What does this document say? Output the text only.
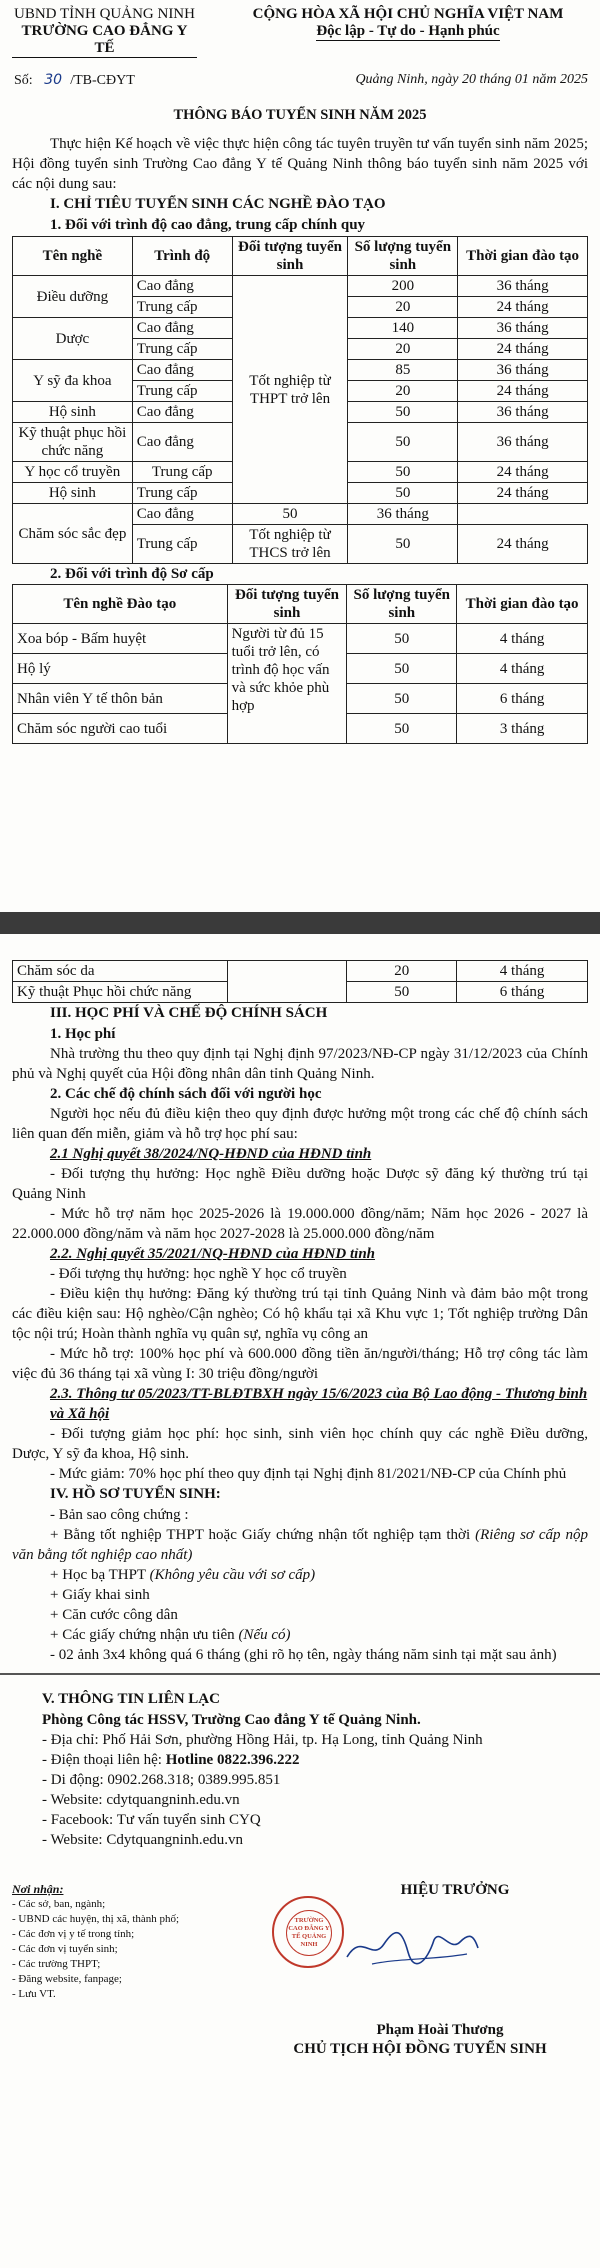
UBND TỈNH QUẢNG NINH
TRƯỜNG CAO ĐẲNG Y TẾ
CỘNG HÒA XÃ HỘI CHỦ NGHĨA VIỆT NAM
Độc lập - Tự do - Hạnh phúc
Số: 30 /TB-CĐYT	Quảng Ninh, ngày 20 tháng 01 năm 2025
THÔNG BÁO TUYỂN SINH NĂM 2025

Thực hiện Kế hoạch về việc thực hiện công tác tuyên truyền tư vấn tuyển sinh năm 2025; Hội đồng tuyển sinh Trường Cao đẳng Y tế Quảng Ninh thông báo tuyển sinh năm 2025 với các nội dung sau:

I. CHỈ TIÊU TUYỂN SINH CÁC NGHỀ ĐÀO TẠO
1. Đối với trình độ cao đẳng, trung cấp chính quy
Tên nghề	Trình độ	Đối tượng tuyển sinh	Số lượng tuyển sinh	Thời gian đào tạo
Điều dưỡng	Cao đẳng	Tốt nghiệp từ THPT trở lên	200	36 tháng
	Trung cấp		20	24 tháng
Dược	Cao đẳng		140	36 tháng
	Trung cấp		20	24 tháng
Y sỹ đa khoa	Cao đẳng		85	36 tháng
	Trung cấp		20	24 tháng
Hộ sinh	Cao đẳng		50	36 tháng
Kỹ thuật phục hồi chức năng	Cao đẳng		50	36 tháng
Y học cổ truyền	Trung cấp		50	24 tháng
Hộ sinh	Trung cấp		50	24 tháng
Chăm sóc sắc đẹp	Cao đẳng	50	36 tháng	
	Trung cấp	Tốt nghiệp từ THCS trở lên	50	24 tháng
2. Đối với trình độ Sơ cấp
Tên nghề Đào tạo	Đối tượng tuyển sinh	Số lượng tuyển sinh	Thời gian đào tạo
Xoa bóp - Bấm huyệt	Người từ đủ 15 tuổi trở lên, có trình độ học vấn và sức khỏe phù hợp	50	4 tháng
Hộ lý		50	4 tháng
Nhân viên Y tế thôn bản		50	6 tháng
Chăm sóc người cao tuổi		50	3 tháng
Chăm sóc da		20	4 tháng
Kỹ thuật Phục hồi chức năng		50	6 tháng
III. HỌC PHÍ VÀ CHẾ ĐỘ CHÍNH SÁCH
1. Học phí

Nhà trường thu theo quy định tại Nghị định 97/2023/NĐ-CP ngày 31/12/2023 của Chính phủ và Nghị quyết của Hội đồng nhân dân tỉnh Quảng Ninh.

2. Các chế độ chính sách đối với người học

Người học nếu đủ điều kiện theo quy định được hưởng một trong các chế độ chính sách liên quan đến miễn, giảm và hỗ trợ học phí sau:

2.1 Nghị quyết 38/2024/NQ-HĐND của HĐND tỉnh

- Đối tượng thụ hưởng: Học nghề Điều dưỡng hoặc Dược sỹ đăng ký thường trú tại Quảng Ninh

- Mức hỗ trợ năm học 2025-2026 là 19.000.000 đồng/năm; Năm học 2026 - 2027 là 22.000.000 đồng/năm và năm học 2027-2028 là 25.000.000 đồng/năm

2.2. Nghị quyết 35/2021/NQ-HĐND của HĐND tỉnh

- Đối tượng thụ hưởng: học nghề Y học cổ truyền

- Điều kiện thụ hưởng: Đăng ký thường trú tại tỉnh Quảng Ninh và đảm bảo một trong các điều kiện sau: Hộ nghèo/Cận nghèo; Có hộ khẩu tại xã Khu vực 1; Tốt nghiệp trường Dân tộc nội trú; Hoàn thành nghĩa vụ quân sự, nghĩa vụ công an

- Mức hỗ trợ: 100% học phí và 600.000 đồng tiền ăn/người/tháng; Hỗ trợ công tác làm việc đủ 36 tháng tại xã vùng I: 30 triệu đồng/người

2.3. Thông tư 05/2023/TT-BLĐTBXH ngày 15/6/2023 của Bộ Lao động - Thương binh và Xã hội

- Đối tượng giảm học phí: học sinh, sinh viên học chính quy các nghề Điều dưỡng, Dược, Y sỹ đa khoa, Hộ sinh.

- Mức giảm: 70% học phí theo quy định tại Nghị định 81/2021/NĐ-CP của Chính phủ

IV. HỒ SƠ TUYỂN SINH:

- Bản sao công chứng :

+ Bằng tốt nghiệp THPT hoặc Giấy chứng nhận tốt nghiệp tạm thời (Riêng sơ cấp nộp văn bằng tốt nghiệp cao nhất)

+ Học bạ THPT (Không yêu cầu với sơ cấp)

+ Giấy khai sinh

+ Căn cước công dân

+ Các giấy chứng nhận ưu tiên (Nếu có)

- 02 ảnh 3x4 không quá 6 tháng (ghi rõ họ tên, ngày tháng năm sinh tại mặt sau ảnh)

V. THÔNG TIN LIÊN LẠC
Phòng Công tác HSSV, Trường Cao đẳng Y tế Quảng Ninh.

- Địa chỉ: Phố Hải Sơn, phường Hồng Hải, tp. Hạ Long, tỉnh Quảng Ninh

- Điện thoại liên hệ: Hotline 0822.396.222

- Di động: 0902.268.318; 0389.995.851

- Website: cdytquangninh.edu.vn

- Facebook: Tư vấn tuyển sinh CYQ

- Website: Cdytquangninh.edu.vn

Nơi nhận:
- Các sở, ban, ngành;
- UBND các huyện, thị xã, thành phố;
- Các đơn vị y tế trong tỉnh;
- Các đơn vị tuyển sinh;
- Các trường THPT;
- Đăng website, fanpage;
- Lưu VT.
HIỆU TRƯỞNG
TRƯỜNG CAO ĐẲNG Y TẾ QUẢNG NINH
Phạm Hoài Thương
CHỦ TỊCH HỘI ĐỒNG TUYỂN SINH
